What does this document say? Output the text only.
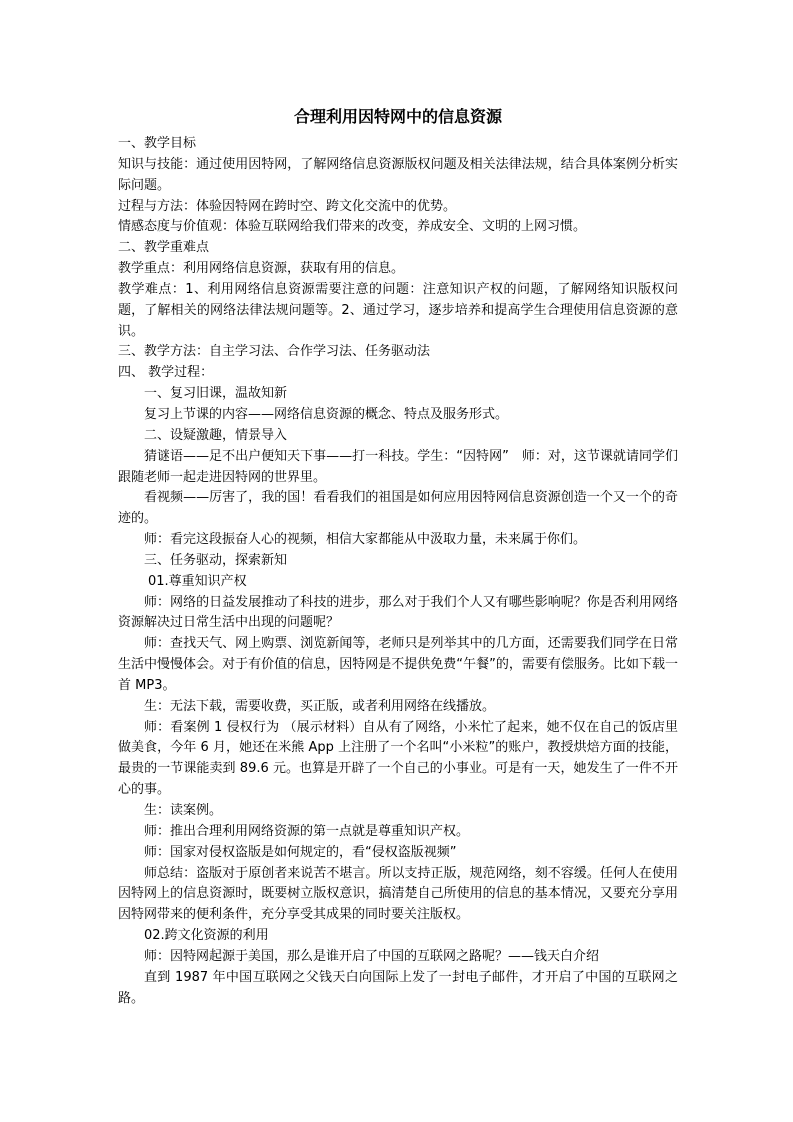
合理利用因特网中的信息资源

一、教学目标

知识与技能：通过使用因特网，了解网络信息资源版权问题及相关法律法规，结合具体案例分析实际问题。

过程与方法：体验因特网在跨时空、跨文化交流中的优势。

情感态度与价值观：体验互联网给我们带来的改变，养成安全、文明的上网习惯。

二、教学重难点

教学重点：利用网络信息资源，获取有用的信息。

教学难点：1、利用网络信息资源需要注意的问题：注意知识产权的问题，了解网络知识版权问题，了解相关的网络法律法规问题等。2、通过学习，逐步培养和提高学生合理使用信息资源的意识。

三、教学方法：自主学习法、合作学习法、任务驱动法

四、 教学过程：

一、复习旧课，温故知新

复习上节课的内容——网络信息资源的概念、特点及服务形式。

二、设疑激趣，情景导入

猜谜语——足不出户便知天下事——打一科技。学生：“因特网”　师：对，这节课就请同学们跟随老师一起走进因特网的世界里。

看视频——厉害了，我的国！看看我们的祖国是如何应用因特网信息资源创造一个又一个的奇迹的。

师：看完这段振奋人心的视频，相信大家都能从中汲取力量，未来属于你们。

三、任务驱动，探索新知

01.尊重知识产权

师：网络的日益发展推动了科技的进步，那么对于我们个人又有哪些影响呢？你是否利用网络资源解决过日常生活中出现的问题呢？

师：查找天气、网上购票、浏览新闻等，老师只是列举其中的几方面，还需要我们同学在日常生活中慢慢体会。对于有价值的信息，因特网是不提供免费“午餐”的，需要有偿服务。比如下载一首 MP3。

生：无法下载，需要收费，买正版，或者利用网络在线播放。

师：看案例 1 侵权行为 （展示材料）自从有了网络，小米忙了起来，她不仅在自己的饭店里做美食，今年 6 月，她还在米熊 App 上注册了一个名叫“小米粒”的账户，教授烘焙方面的技能，最贵的一节课能卖到 89.6 元。也算是开辟了一个自己的小事业。可是有一天，她发生了一件不开心的事。

生：读案例。

师：推出合理利用网络资源的第一点就是尊重知识产权。

师：国家对侵权盗版是如何规定的，看“侵权盗版视频”

师总结：盗版对于原创者来说苦不堪言。所以支持正版，规范网络，刻不容缓。任何人在使用因特网上的信息资源时，既要树立版权意识，搞清楚自己所使用的信息的基本情况，又要充分享用因特网带来的便利条件，充分享受其成果的同时要关注版权。

02.跨文化资源的利用

师：因特网起源于美国，那么是谁开启了中国的互联网之路呢？——钱天白介绍

直到 1987 年中国互联网之父钱天白向国际上发了一封电子邮件，才开启了中国的互联网之路。
